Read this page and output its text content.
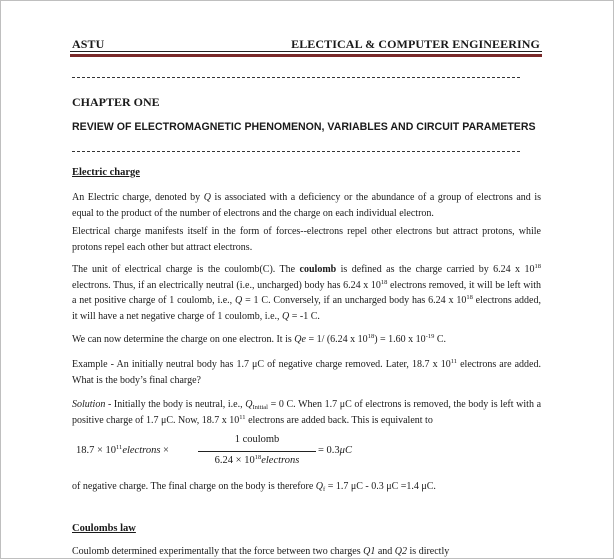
ASTU	ELECTICAL & COMPUTER ENGINEERING
CHAPTER ONE
REVIEW OF ELECTROMAGNETIC PHENOMENON, VARIABLES AND CIRCUIT PARAMETERS
Electric charge
An Electric charge, denoted by Q is associated with a deficiency or the abundance of a group of electrons and is equal to the product of the number of electrons and the charge on each individual electron.
Electrical charge manifests itself in the form of forces--electrons repel other electrons but attract protons, while protons repel each other but attract electrons.
The unit of electrical charge is the coulomb(C). The coulomb is defined as the charge carried by 6.24 x $10^{18}$ electrons. Thus, if an electrically neutral (i.e., uncharged) body has 6.24 x $10^{18}$ electrons removed, it will be left with a net positive charge of 1 coulomb, i.e., Q = 1 C. Conversely, if an uncharged body has 6.24 x $10^{18}$ electrons added, it will have a net negative charge of 1 coulomb, i.e., Q = -1 C.
We can now determine the charge on one electron. It is Qe = 1/ (6.24 x $10^{18}) = 1.60$ x $10^{-19}$ C.
Example - An initially neutral body has 1.7 μC of negative charge removed. Later, 18.7 x $10^{11}$ electrons are added. What is the body’s final charge?
Solution - Initially the body is neutral, i.e., $Q_{Initial} = 0$ C. When 1.7 μC of electrons is removed, the body is left with a positive charge of 1.7 μC. Now, 18.7 x $10^{11}$ electrons are added back. This is equivalent to
$18.7 \times 10^{11}electrons$ ×
1 coulomb
$6.24 \times 10^{18}electrons$
= 0.3μC
of negative charge. The final charge on the body is therefore $Q_f = 1.7$ μC - 0.3 μC =1.4 μC.
Coulombs law
Coulomb determined experimentally that the force between two charges Q1 and Q2 is directly
